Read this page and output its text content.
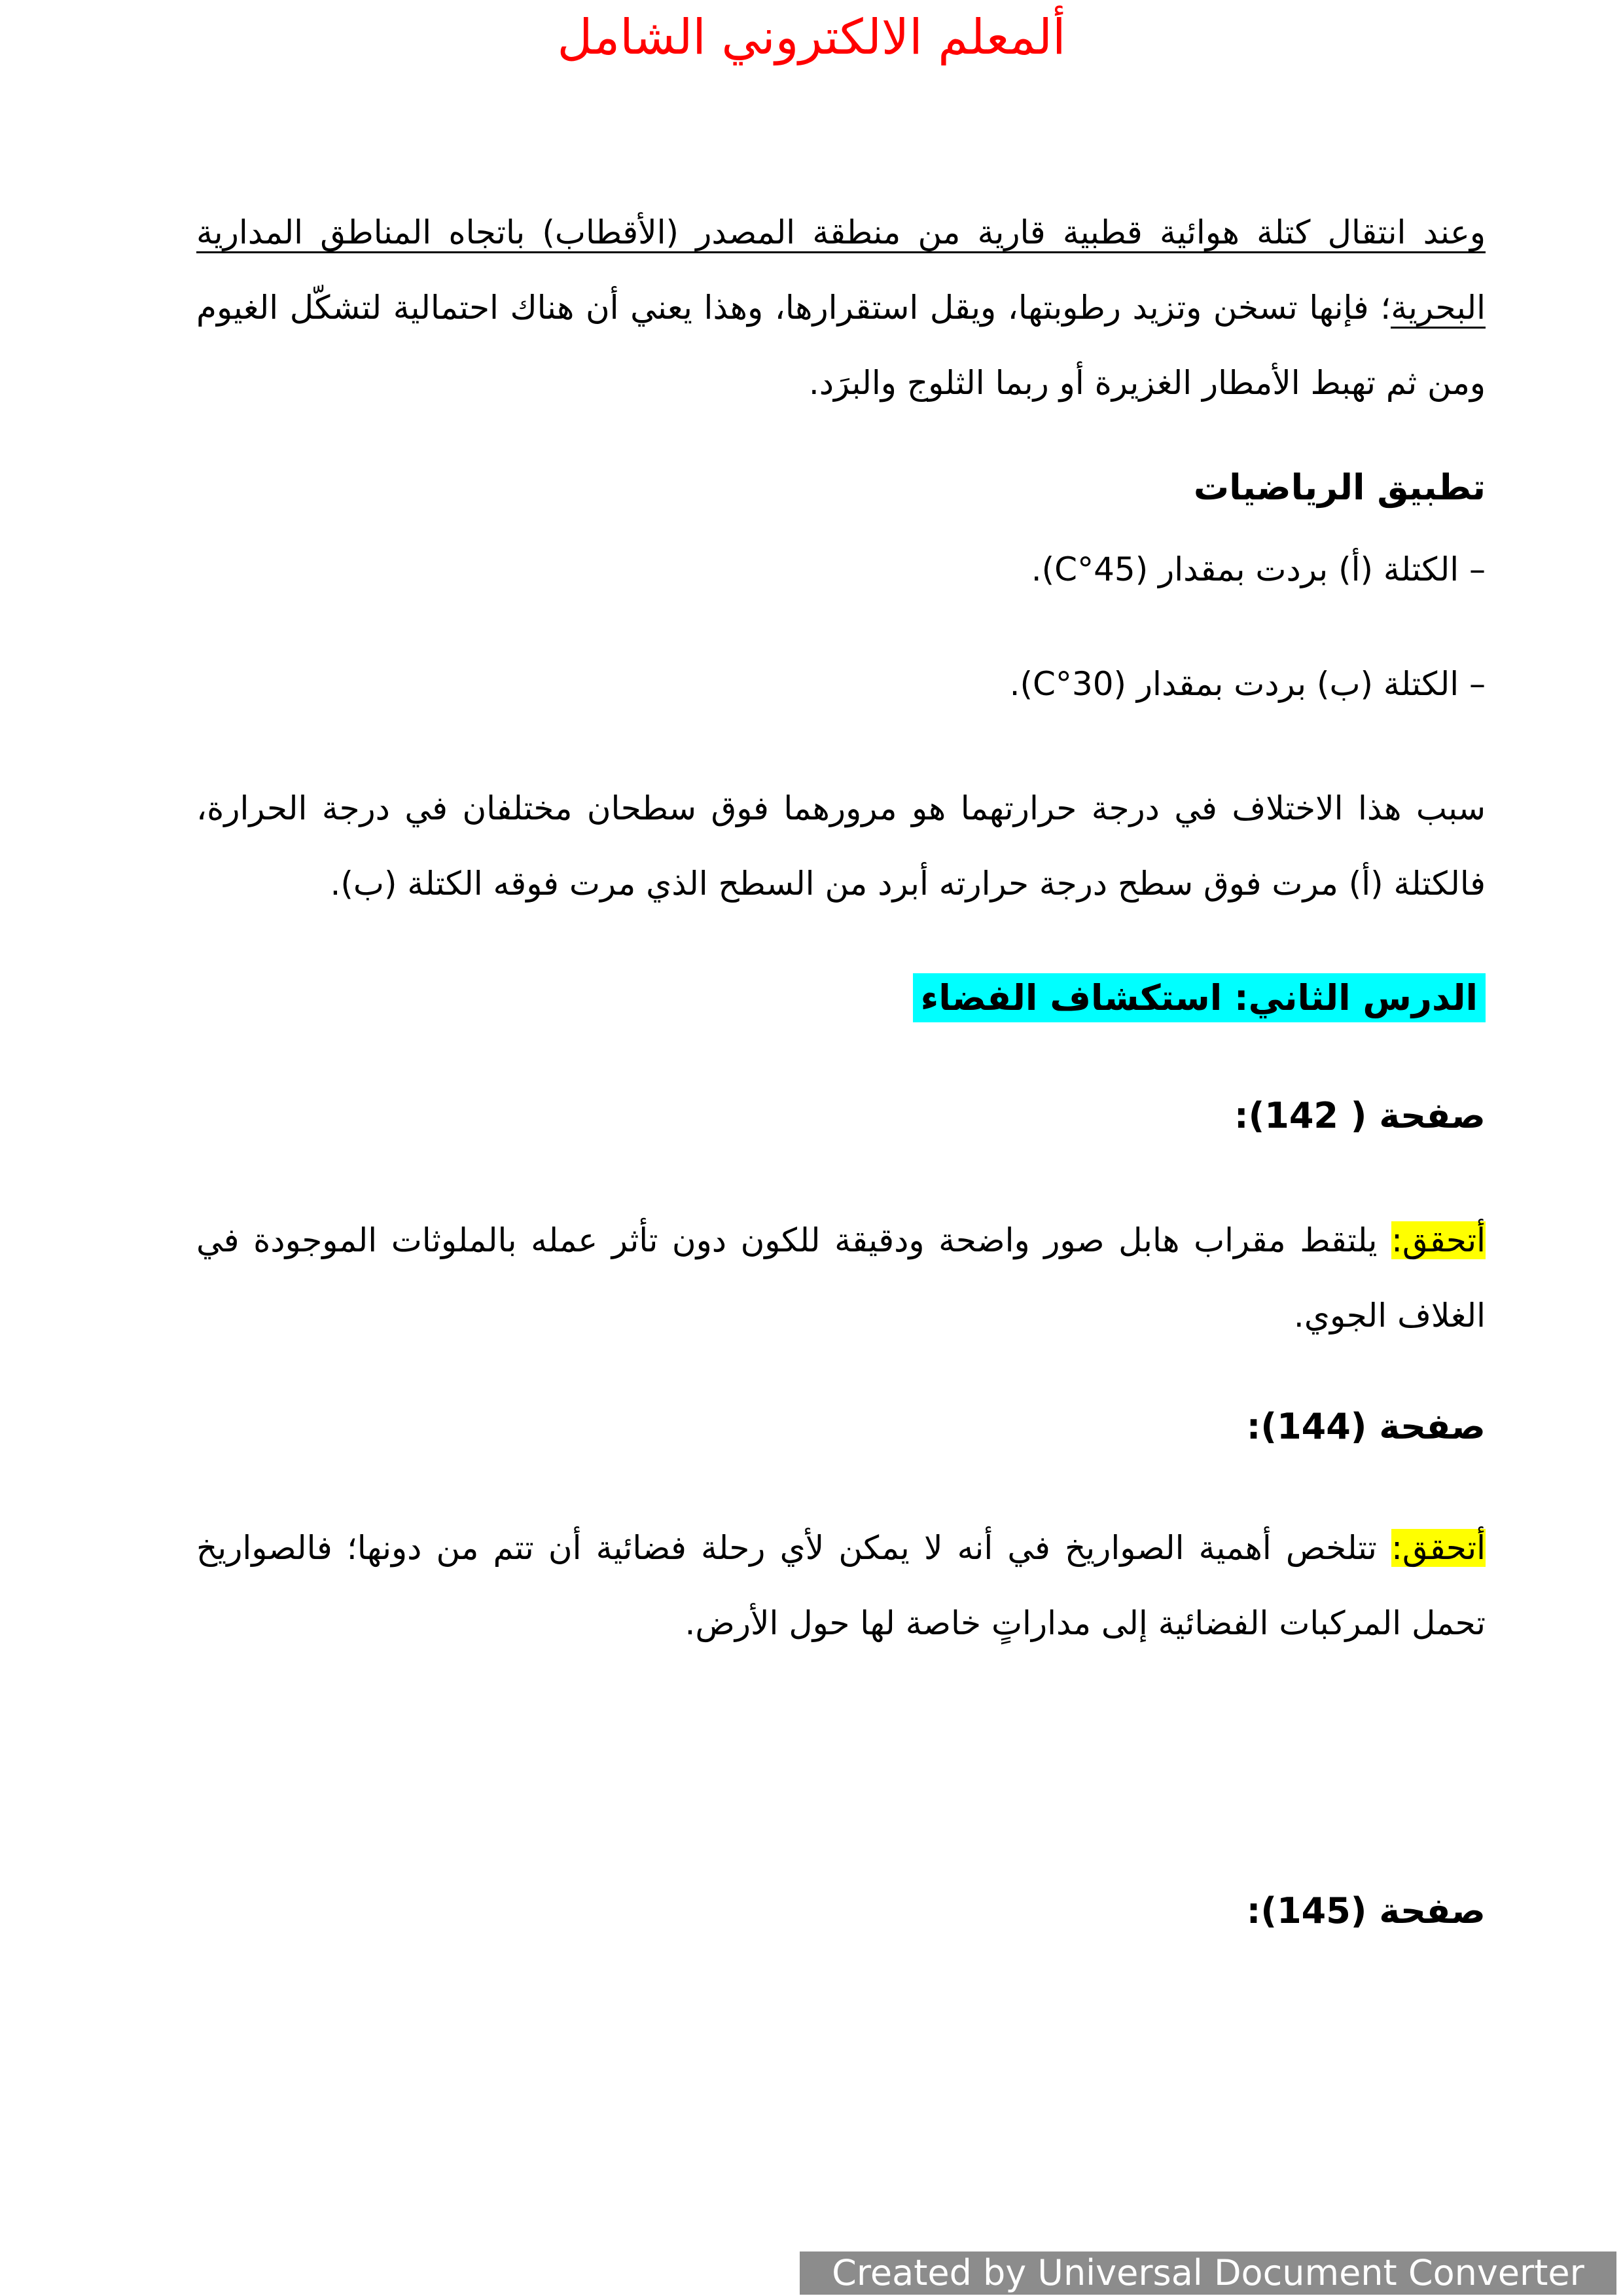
ألمعلم الالكتروني الشامل
وعند انتقال كتلة هوائية قطبية قارية من منطقة المصدر (الأقطاب) باتجاه المناطق المدارية
البحرية؛ فإنها تسخن وتزيد رطوبتها، ويقل استقرارها، وهذا يعني أن هناك احتمالية لتشكّل الغيوم
ومن ثم تهبط الأمطار الغزيرة أو ربما الثلوج والبرَد.
تطبيق الرياضيات
– الكتلة (أ) بردت بمقدار (45°C).
– الكتلة (ب) بردت بمقدار (30°C).
سبب هذا الاختلاف في درجة حرارتهما هو مرورهما فوق سطحان مختلفان في درجة الحرارة،
فالكتلة (أ) مرت فوق سطح درجة حرارته أبرد من السطح الذي مرت فوقه الكتلة (ب).
الدرس الثاني: استكشاف الفضاء
صفحة ( 142):
أتحقق: يلتقط مقراب هابل صور واضحة ودقيقة للكون دون تأثر عمله بالملوثات الموجودة في
الغلاف الجوي.
صفحة (144):
أتحقق: تتلخص أهمية الصواريخ في أنه لا يمكن لأي رحلة فضائية أن تتم من دونها؛ فالصواريخ
تحمل المركبات الفضائية إلى مداراتٍ خاصة لها حول الأرض.
صفحة (145):
Created by Universal Document Converter
